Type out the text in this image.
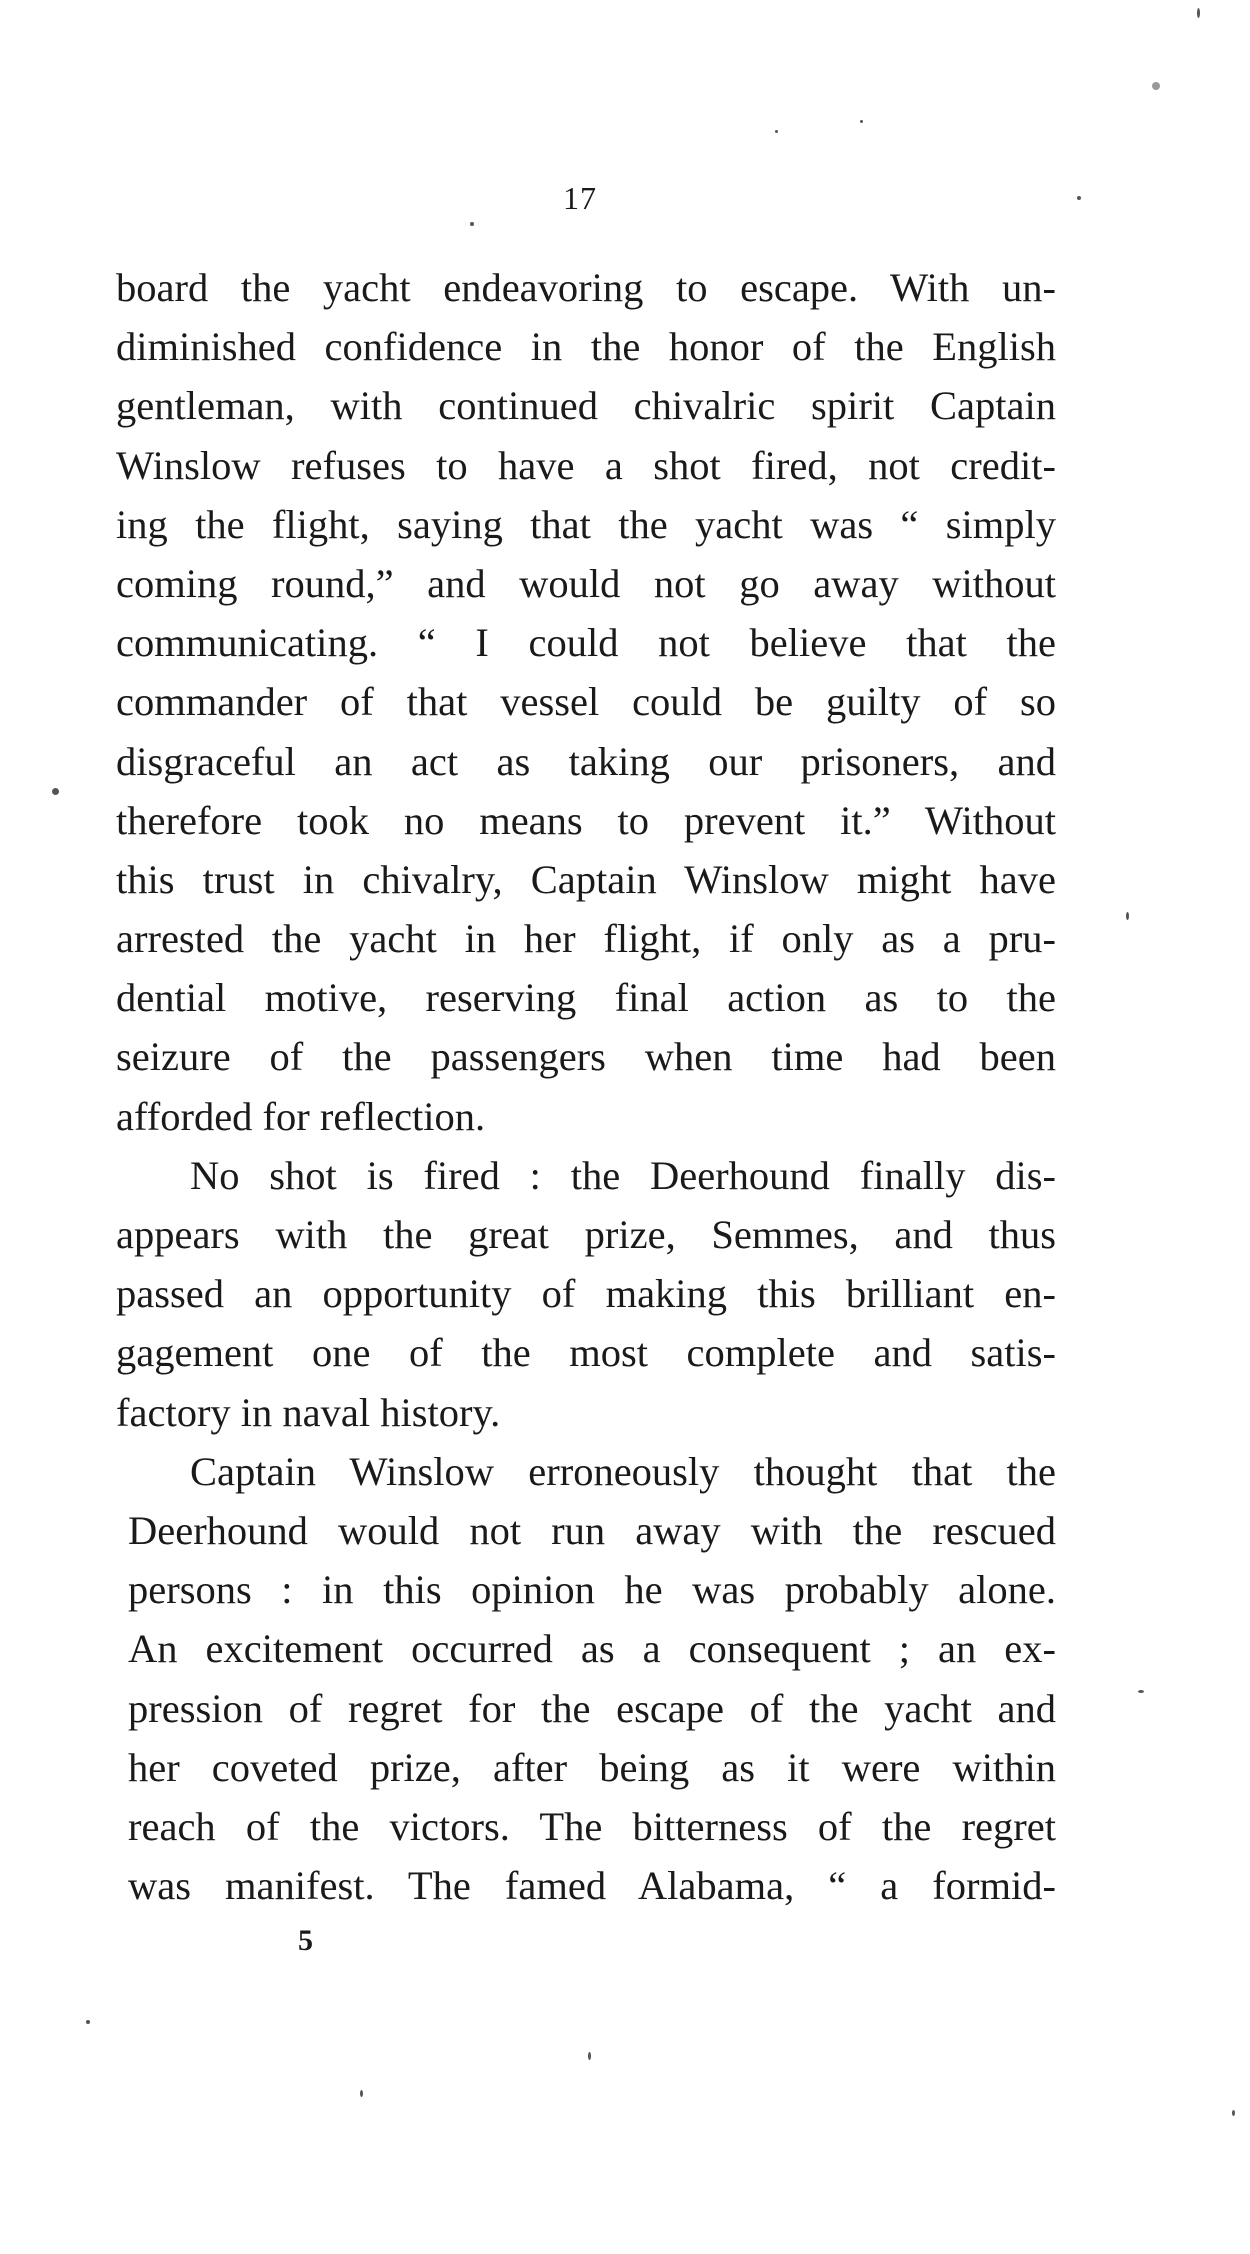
17
board the yacht endeavoring to escape. With un-
diminished confidence in the honor of the English
gentleman, with continued chivalric spirit Captain
Winslow refuses to have a shot fired, not credit-
ing the flight, saying that the yacht was “ simply
coming round,” and would not go away without
communicating. “ I could not believe that the
commander of that vessel could be guilty of so
disgraceful an act as taking our prisoners, and
therefore took no means to prevent it.” Without
this trust in chivalry, Captain Winslow might have
arrested the yacht in her flight, if only as a pru-
dential motive, reserving final action as to the
seizure of the passengers when time had been
afforded for reflection.
No shot is fired : the Deerhound finally dis-
appears with the great prize, Semmes, and thus
passed an opportunity of making this brilliant en-
gagement one of the most complete and satis-
factory in naval history.
Captain Winslow erroneously thought that the
Deerhound would not run away with the rescued
persons : in this opinion he was probably alone.
An excitement occurred as a consequent ; an ex-
pression of regret for the escape of the yacht and
her coveted prize, after being as it were within
reach of the victors. The bitterness of the regret
was manifest. The famed Alabama, “ a formid-
5
